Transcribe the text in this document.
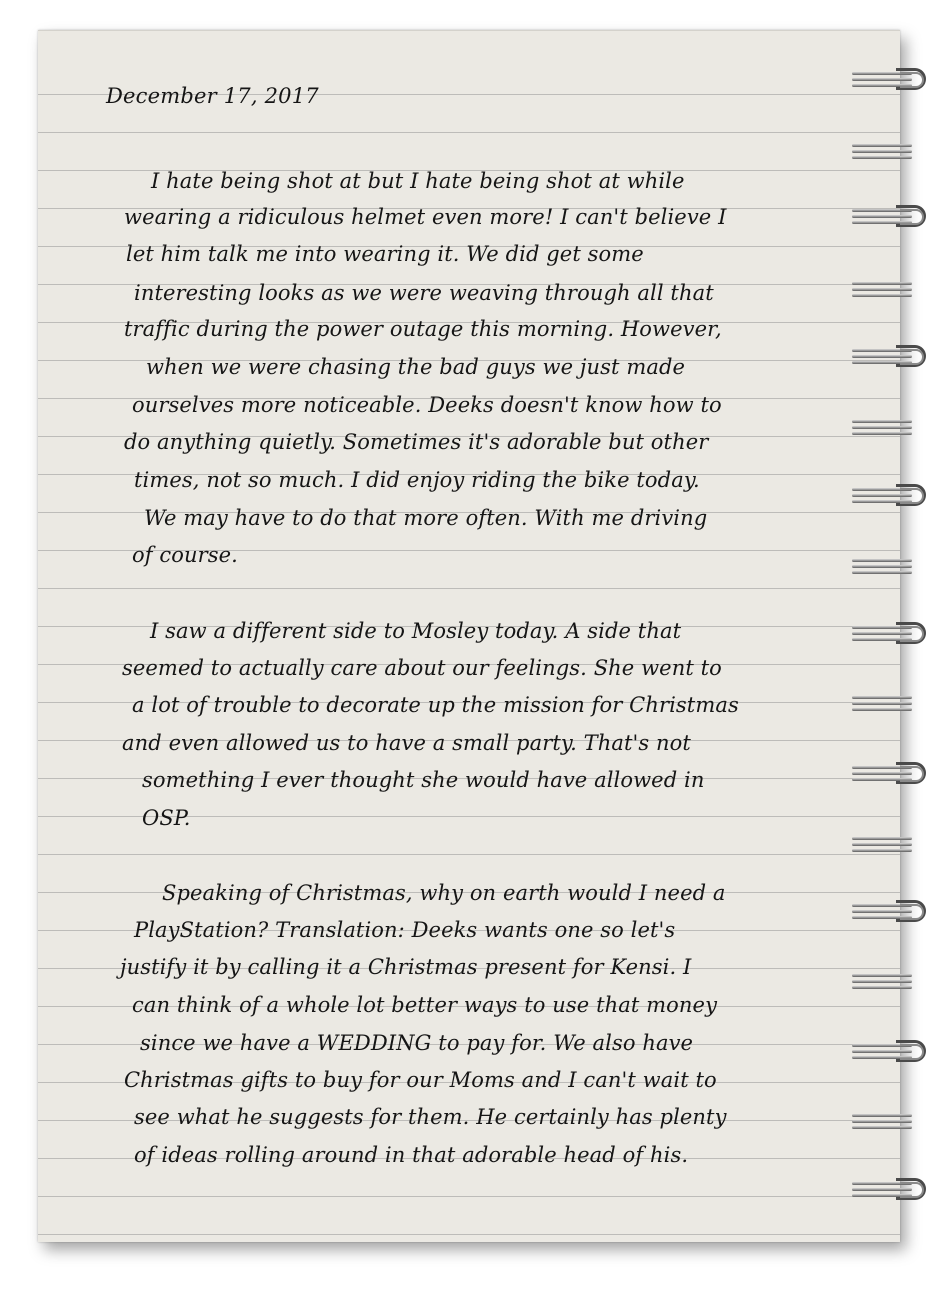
December 17, 2017
I hate being shot at but I hate being shot at while
wearing a ridiculous helmet even more! I can't believe I
let him talk me into wearing it. We did get some
interesting looks as we were weaving through all that
traffic during the power outage this morning. However,
when we were chasing the bad guys we just made
ourselves more noticeable. Deeks doesn't know how to
do anything quietly. Sometimes it's adorable but other
times, not so much. I did enjoy riding the bike today.
We may have to do that more often. With me driving
of course.
I saw a different side to Mosley today. A side that
seemed to actually care about our feelings. She went to
a lot of trouble to decorate up the mission for Christmas
and even allowed us to have a small party. That's not
something I ever thought she would have allowed in
OSP.
Speaking of Christmas, why on earth would I need a
PlayStation? Translation: Deeks wants one so let's
justify it by calling it a Christmas present for Kensi. I
can think of a whole lot better ways to use that money
since we have a WEDDING to pay for. We also have
Christmas gifts to buy for our Moms and I can't wait to
see what he suggests for them. He certainly has plenty
of ideas rolling around in that adorable head of his.
